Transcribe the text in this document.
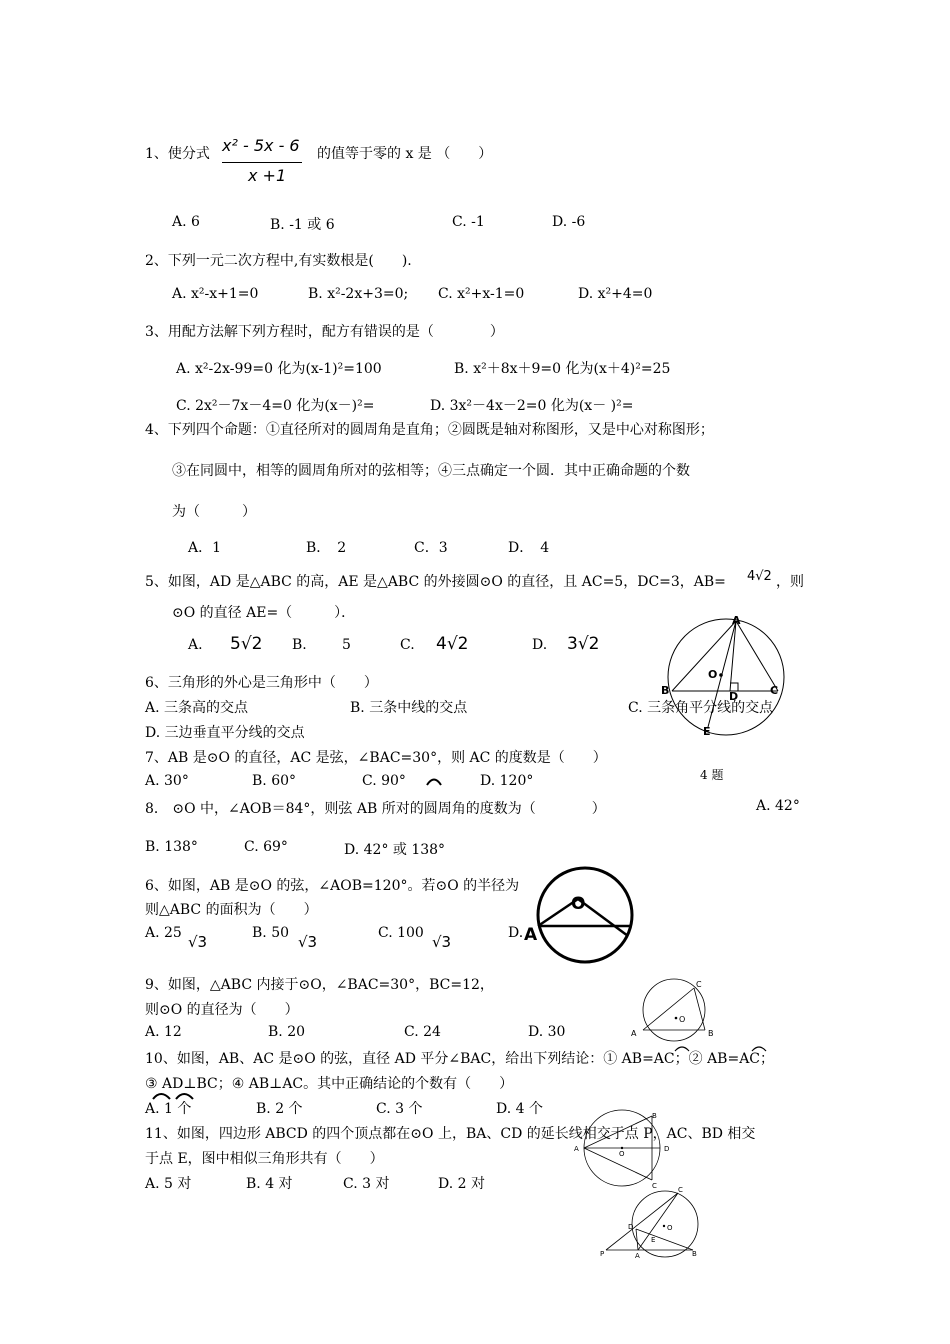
1、使分式 x² - 5x - 6
x +1
的值等于零的 x 是 （　　）
A. 6	B. -1 或 6	C. -1	D. -6
2、下列一元二次方程中,有实数根是(　　).
A. x²-x+1=0	B. x²-2x+3=0; C. x²+x-1=0	D. x²+4=0
3、用配方法解下列方程时，配方有错误的是（　　　　）
A. x²-2x-99=0 化为(x-1)²=100	B. x²＋8x＋9=0 化为(x＋4)²=25
C. 2x²－7x－4=0 化为(x－)²=	D. 3x²－4x－2=0 化为(x－ )²=
4、下列四个命题：①直径所对的圆周角是直角；②圆既是轴对称图形，又是中心对称图形；
③在同圆中，相等的圆周角所对的弦相等；④三点确定一个圆．其中正确命题的个数
为（　　　）
A．1	B．　2	C．3	D．　4
5、如图，AD 是△ABC 的高，AE 是△ABC 的外接圆⊙O 的直径，且 AC=5，DC=3，AB= 4√2 ，则
⊙O 的直径 AE=（　　　）．
A. 5√2 B.	5	C. 4√2	D. 3√2
6、三角形的外心是三角形中（　　）
A. 三条高的交点	B. 三条中线的交点	C. 三条角平分线的交点
D. 三边垂直平分线的交点
7、AB 是⊙O 的直径，AC 是弦，∠BAC=30°，则 AC 的度数是（　　）
A. 30°	B. 60°	C. 90°	D. 120°
8． ⊙O 中，∠AOB＝84°，则弦 AB 所对的圆周角的度数为（　　　　）	A. 42°
B. 138°	C. 69°	D. 42° 或 138°
6、如图，AB 是⊙O 的弦，∠AOB=120°。若⊙O 的半径为
则△ABC 的面积为（　　）
A. 25 √3	B. 50 √3	C. 100 √3	D.
9、如图，△ABC 内接于⊙O，∠BAC=30°，BC=12，
则⊙O 的直径为（　　）
A. 12	B. 20	C. 24	D. 30
10、如图，AB、AC 是⊙O 的弦，直径 AD 平分∠BAC，给出下列结论：① AB=AC；② AB=AC；
③ AD⊥BC；④ AB⊥AC。其中正确结论的个数有（　　）
A. 1 个	B. 2 个	C. 3 个	D. 4 个
11、如图，四边形 ABCD 的四个顶点都在⊙O 上，BA、CD 的延长线相交于点 P，AC、BD 相交
于点 E，图中相似三角形共有（　　）
A. 5 对	B. 4 对	C. 3 对	D. 2 对
A
B	C
D
E
O
4 题
O
A
A	B
C
O
A
B
C
D
O
P	A	B
C
D
E
O
